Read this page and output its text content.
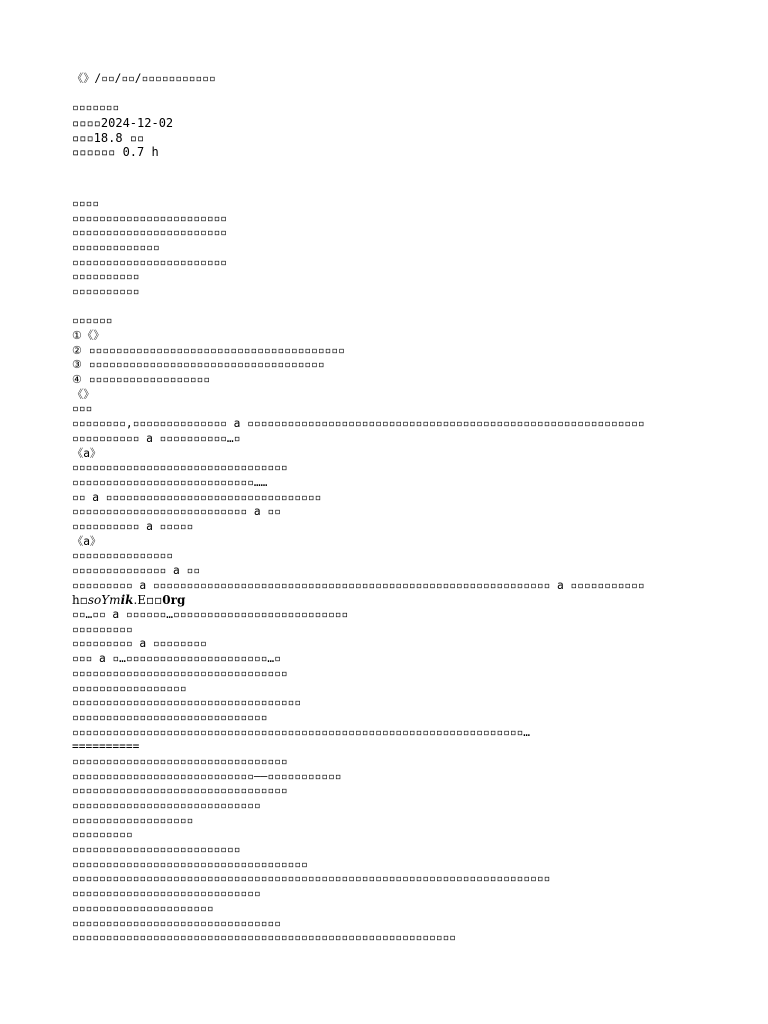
《》/▫▫/▫▫/▫▫▫▫▫▫▫▫▫▫▫
▫▫▫▫▫▫▫
▫▫▫▫2024-12-02
▫▫▫18.8 ▫▫
▫▫▫▫▫▫ 0.7 h
▫▫▫▫
▫▫▫▫▫▫▫▫▫▫▫▫▫▫▫▫▫▫▫▫▫▫▫
▫▫▫▫▫▫▫▫▫▫▫▫▫▫▫▫▫▫▫▫▫▫▫
▫▫▫▫▫▫▫▫▫▫▫▫▫
▫▫▫▫▫▫▫▫▫▫▫▫▫▫▫▫▫▫▫▫▫▫▫
▫▫▫▫▫▫▫▫▫▫
▫▫▫▫▫▫▫▫▫▫
▫▫▫▫▫▫
①《》
② ▫▫▫▫▫▫▫▫▫▫▫▫▫▫▫▫▫▫▫▫▫▫▫▫▫▫▫▫▫▫▫▫▫▫▫▫▫▫
③ ▫▫▫▫▫▫▫▫▫▫▫▫▫▫▫▫▫▫▫▫▫▫▫▫▫▫▫▫▫▫▫▫▫▫▫
④ ▫▫▫▫▫▫▫▫▫▫▫▫▫▫▫▫▫▫
《》
▫▫▫
▫▫▫▫▫▫▫▫,▫▫▫▫▫▫▫▫▫▫▫▫▫▫ a ▫▫▫▫▫▫▫▫▫▫▫▫▫▫▫▫▫▫▫▫▫▫▫▫▫▫▫▫▫▫▫▫▫▫▫▫▫▫▫▫▫▫▫▫▫▫▫▫▫▫▫▫▫▫▫▫▫▫▫
▫▫▫▫▫▫▫▫▫▫ a ▫▫▫▫▫▫▫▫▫▫…▫
《a》
▫▫▫▫▫▫▫▫▫▫▫▫▫▫▫▫▫▫▫▫▫▫▫▫▫▫▫▫▫▫▫▫
▫▫▫▫▫▫▫▫▫▫▫▫▫▫▫▫▫▫▫▫▫▫▫▫▫▫▫……
▫▫ a ▫▫▫▫▫▫▫▫▫▫▫▫▫▫▫▫▫▫▫▫▫▫▫▫▫▫▫▫▫▫▫▫
▫▫▫▫▫▫▫▫▫▫▫▫▫▫▫▫▫▫▫▫▫▫▫▫▫▫ a ▫▫
▫▫▫▫▫▫▫▫▫▫ a ▫▫▫▫▫
《a》
▫▫▫▫▫▫▫▫▫▫▫▫▫▫▫
▫▫▫▫▫▫▫▫▫▫▫▫▫▫ a ▫▫
▫▫▫▫▫▫▫▫▫ a ▫▫▫▫▫▫▫▫▫▫▫▫▫▫▫▫▫▫▫▫▫▫▫▫▫▫▫▫▫▫▫▫▫▫▫▫▫▫▫▫▫▫▫▫▫▫▫▫▫▫▫▫▫▫▫▫▫▫▫ a ▫▫▫▫▫▫▫▫▫▫▫
h▫soYmik.E▫▫0rg
▫▫…▫▫ a ▫▫▫▫▫▫…▫▫▫▫▫▫▫▫▫▫▫▫▫▫▫▫▫▫▫▫▫▫▫▫▫▫
▫▫▫▫▫▫▫▫▫
▫▫▫▫▫▫▫▫▫ a ▫▫▫▫▫▫▫▫
▫▫▫ a ▫…▫▫▫▫▫▫▫▫▫▫▫▫▫▫▫▫▫▫▫▫▫…▫
▫▫▫▫▫▫▫▫▫▫▫▫▫▫▫▫▫▫▫▫▫▫▫▫▫▫▫▫▫▫▫▫
▫▫▫▫▫▫▫▫▫▫▫▫▫▫▫▫▫
▫▫▫▫▫▫▫▫▫▫▫▫▫▫▫▫▫▫▫▫▫▫▫▫▫▫▫▫▫▫▫▫▫▫
▫▫▫▫▫▫▫▫▫▫▫▫▫▫▫▫▫▫▫▫▫▫▫▫▫▫▫▫▫
▫▫▫▫▫▫▫▫▫▫▫▫▫▫▫▫▫▫▫▫▫▫▫▫▫▫▫▫▫▫▫▫▫▫▫▫▫▫▫▫▫▫▫▫▫▫▫▫▫▫▫▫▫▫▫▫▫▫▫▫▫▫▫▫▫▫▫…
==========
▫▫▫▫▫▫▫▫▫▫▫▫▫▫▫▫▫▫▫▫▫▫▫▫▫▫▫▫▫▫▫▫
▫▫▫▫▫▫▫▫▫▫▫▫▫▫▫▫▫▫▫▫▫▫▫▫▫▫▫——▫▫▫▫▫▫▫▫▫▫▫
▫▫▫▫▫▫▫▫▫▫▫▫▫▫▫▫▫▫▫▫▫▫▫▫▫▫▫▫▫▫▫▫
▫▫▫▫▫▫▫▫▫▫▫▫▫▫▫▫▫▫▫▫▫▫▫▫▫▫▫▫
▫▫▫▫▫▫▫▫▫▫▫▫▫▫▫▫▫▫
▫▫▫▫▫▫▫▫▫
▫▫▫▫▫▫▫▫▫▫▫▫▫▫▫▫▫▫▫▫▫▫▫▫▫
▫▫▫▫▫▫▫▫▫▫▫▫▫▫▫▫▫▫▫▫▫▫▫▫▫▫▫▫▫▫▫▫▫▫▫
▫▫▫▫▫▫▫▫▫▫▫▫▫▫▫▫▫▫▫▫▫▫▫▫▫▫▫▫▫▫▫▫▫▫▫▫▫▫▫▫▫▫▫▫▫▫▫▫▫▫▫▫▫▫▫▫▫▫▫▫▫▫▫▫▫▫▫▫▫▫▫
▫▫▫▫▫▫▫▫▫▫▫▫▫▫▫▫▫▫▫▫▫▫▫▫▫▫▫▫
▫▫▫▫▫▫▫▫▫▫▫▫▫▫▫▫▫▫▫▫▫
▫▫▫▫▫▫▫▫▫▫▫▫▫▫▫▫▫▫▫▫▫▫▫▫▫▫▫▫▫▫▫
▫▫▫▫▫▫▫▫▫▫▫▫▫▫▫▫▫▫▫▫▫▫▫▫▫▫▫▫▫▫▫▫▫▫▫▫▫▫▫▫▫▫▫▫▫▫▫▫▫▫▫▫▫▫▫▫▫
